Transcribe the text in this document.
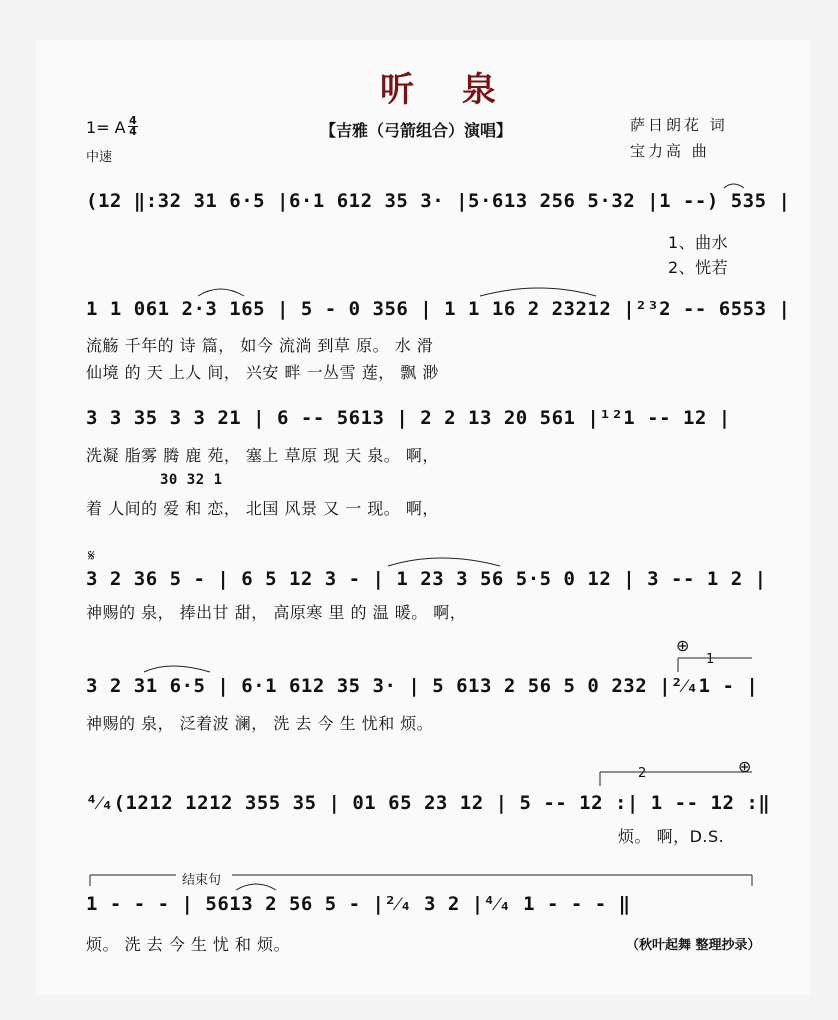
听 泉
1= A 4
4
中速
【吉雅（弓箭组合）演唱】	萨日朗花 词
宝力高 曲
(12 ‖:32 31 6·5 |6·1 612 35 3· |5·613 256 5·32 |1 --) 535 |
1、曲水
2、恍若
1 1 061 2·3 165 | 5 - 0 356 | 1 1 16 2 23212 |²³2 -- 6553 |
流觞 千年的 诗 篇， 如今 流淌 到草 原。 水 滑
仙境 的 天 上人 间， 兴安 畔 一丛雪 莲， 飘 渺
3 3 35 3 3 21 | 6 -- 5613 | 2 2 13 20 561 |¹²1 -- 12 |
洗凝 脂雾 腾 鹿 苑， 塞上 草原 现 天 泉。 啊，
30 32 1
着 人间的 爱 和 恋， 北国 风景 又 一 现。 啊，
𝄋
3 2 36 5 - | 6 5 12 3 - | 1 23 3 56 5·5 0 12 | 3 -- 1 2 |
神赐的 泉， 捧出甘 甜， 高原寒 里 的 温 暖。 啊，
⊕
1
3 2 31 6·5 | 6·1 612 35 3· | 5 613 2 56 5 0 232 |²⁄₄1 - |
神赐的 泉， 泛着波 澜， 洗 去 今 生 忧和 烦。
2	⊕
⁴⁄₄(1212 1212 355 35 | 01 65 23 12 | 5 -- 12 :| 1 -- 12 :‖
烦。 啊，D.S.
结束句
1 - - - | 5613 2 56 5 - |²⁄₄ 3 2 |⁴⁄₄ 1 - - - ‖
烦。 洗 去 今 生 忧 和 烦。	（秋叶起舞 整理抄录）
